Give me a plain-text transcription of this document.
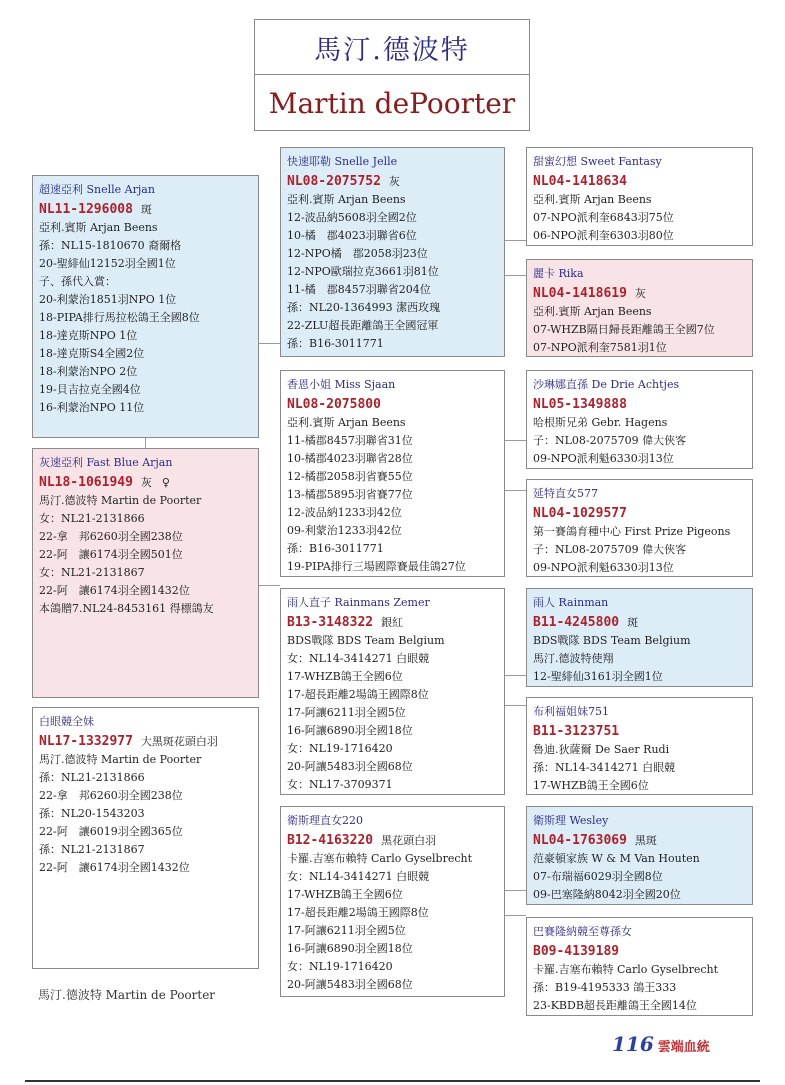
馬汀.德波特
Martin dePoorter
超速亞利 Snelle Arjan
NL11-1296008 斑
亞利.賓斯 Arjan Beens
孫：NL15-1810670 裔爾格
20-聖緋仙12152羽全國1位
子、孫代入賞：
20-利蒙治1851羽NPO 1位
18-PIPA排行馬拉松鴿王全國8位
18-達克斯NPO 1位
18-達克斯S4全國2位
18-利蒙治NPO 2位
19-貝吉拉克全國4位
16-利蒙治NPO 11位
灰速亞利 Fast Blue Arjan
NL18-1061949 灰 ♀
馬汀.德波特 Martin de Poorter
女：NL21-2131866
22-拿　邦6260羽全國238位
22-阿　讓6174羽全國501位
女：NL21-2131867
22-阿　讓6174羽全國1432位
本鴿贈7.NL24-8453161 得標鴿友
白眼競全妹
NL17-1332977 大黑斑花頭白羽
馬汀.德波特 Martin de Poorter
孫：NL21-2131866
22-拿　邦6260羽全國238位
孫：NL20-1543203
22-阿　讓6019羽全國365位
孫：NL21-2131867
22-阿　讓6174羽全國1432位
快速耶勒 Snelle Jelle
NL08-2075752 灰
亞利.賓斯 Arjan Beens
12-波品納5608羽全國2位
10-橘　郡4023羽聯省6位
12-NPO橘　郡2058羽23位
12-NPO歐瑞拉克3661羽81位
11-橘　郡8457羽聯省204位
孫：NL20-1364993 潔西玫瑰
22-ZLU超長距離鴿王全國冠軍
孫：B16-3011771
香恩小姐 Miss Sjaan
NL08-2075800
亞利.賓斯 Arjan Beens
11-橘郡8457羽聯省31位
10-橘郡4023羽聯省28位
12-橘郡2058羽省賽55位
13-橘郡5895羽省賽77位
12-波品納1233羽42位
09-利蒙治1233羽42位
孫：B16-3011771
19-PIPA排行三場國際賽最佳鴿27位
雨人直子 Rainmans Zemer
B13-3148322 銀紅
BDS戰隊 BDS Team Belgium
女：NL14-3414271 白眼競
17-WHZB鴿王全國6位
17-超長距離2場鴿王國際8位
17-阿讓6211羽全國5位
16-阿讓6890羽全國18位
女：NL19-1716420
20-阿讓5483羽全國68位
女：NL17-3709371
衛斯理直女220
B12-4163220 黑花頭白羽
卡羅.吉塞布賴特 Carlo Gyselbrecht
女：NL14-3414271 白眼競
17-WHZB鴿王全國6位
17-超長距離2場鴿王國際8位
17-阿讓6211羽全國5位
16-阿讓6890羽全國18位
女：NL19-1716420
20-阿讓5483羽全國68位
甜蜜幻想 Sweet Fantasy
NL04-1418634
亞利.賓斯 Arjan Beens
07-NPO派利奎6843羽75位
06-NPO派利奎6303羽80位
麗卡 Rika
NL04-1418619 灰
亞利.賓斯 Arjan Beens
07-WHZB隔日歸長距離鴿王全國7位
07-NPO派利奎7581羽1位
沙琳娜直孫 De Drie Achtjes
NL05-1349888
哈根斯兄弟 Gebr. Hagens
子：NL08-2075709 偉大俠客
09-NPO派利魁6330羽13位
延特直女577
NL04-1029577
第一賽鴿育種中心 First Prize Pigeons
子：NL08-2075709 偉大俠客
09-NPO派利魁6330羽13位
雨人 Rainman
B11-4245800 斑
BDS戰隊 BDS Team Belgium
馬汀.德波特使翔
12-聖緋仙3161羽全國1位
布利福姐妹751
B11-3123751
魯迪.狄薩爾 De Saer Rudi
孫：NL14-3414271 白眼競
17-WHZB鴿王全國6位
衛斯理 Wesley
NL04-1763069 黑斑
范豪頓家族 W & M Van Houten
07-布瑞福6029羽全國8位
09-巴塞隆納8042羽全國20位
巴賽隆納競至尊孫女
B09-4139189
卡羅.吉塞布賴特 Carlo Gyselbrecht
孫：B19-4195333 鴿王333
23-KBDB超長距離鴿王全國14位
馬汀.德波特 Martin de Poorter
116 雲端血統
